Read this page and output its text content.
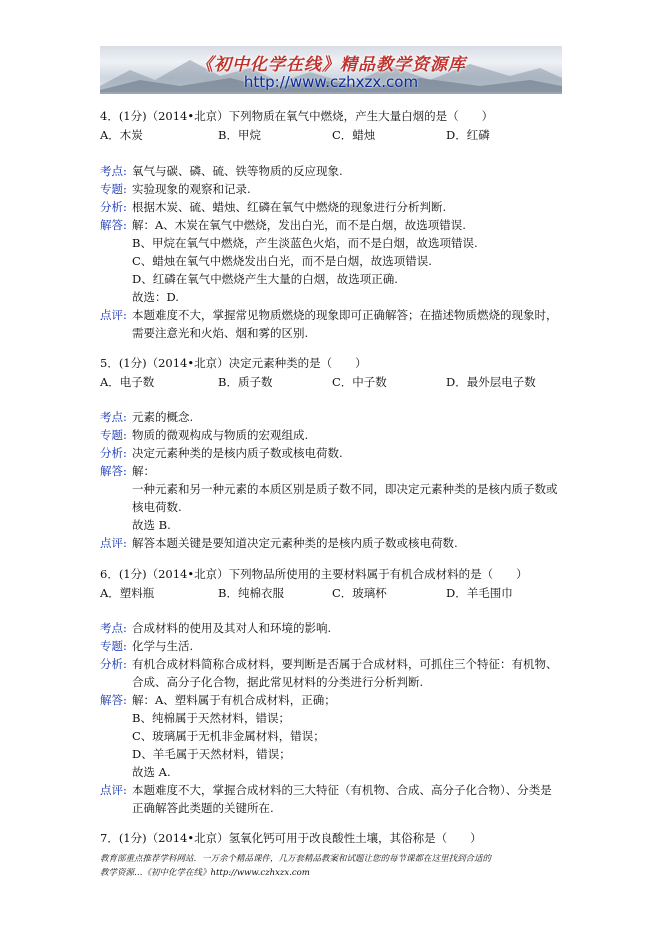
《初中化学在线》精品教学资源库
http://www.czhxzx.com
4．(1分)（2014•北京）下列物质在氧气中燃烧，产生大量白烟的是（　　）
A．木炭	B．甲烷	C．蜡烛	D．红磷
考点: 氧气与碳、磷、硫、铁等物质的反应现象.
专题: 实验现象的观察和记录.
分析: 根据木炭、硫、蜡烛、红磷在氧气中燃烧的现象进行分析判断.
解答: 解：A、木炭在氧气中燃烧，发出白光，而不是白烟，故选项错误.
B、甲烷在氧气中燃烧，产生淡蓝色火焰，而不是白烟，故选项错误.
C、蜡烛在氧气中燃烧发出白光，而不是白烟，故选项错误.
D、红磷在氧气中燃烧产生大量的白烟，故选项正确.
故选：D.
点评: 本题难度不大，掌握常见物质燃烧的现象即可正确解答；在描述物质燃烧的现象时，
需要注意光和火焰、烟和雾的区别.
5．(1分)（2014•北京）决定元素种类的是（　　）
A．电子数	B．质子数	C．中子数	D．最外层电子数
考点: 元素的概念.
专题: 物质的微观构成与物质的宏观组成.
分析: 决定元素种类的是核内质子数或核电荷数.
解答: 解：
一种元素和另一种元素的本质区别是质子数不同，即决定元素种类的是核内质子数或
核电荷数.
故选 B.
点评: 解答本题关键是要知道决定元素种类的是核内质子数或核电荷数.
6．(1分)（2014•北京）下列物品所使用的主要材料属于有机合成材料的是（　　）
A．塑料瓶	B．纯棉衣服	C．玻璃杯	D．羊毛围巾
考点: 合成材料的使用及其对人和环境的影响.
专题: 化学与生活.
分析: 有机合成材料简称合成材料，要判断是否属于合成材料，可抓住三个特征：有机物、
合成、高分子化合物，据此常见材料的分类进行分析判断.
解答: 解：A、塑料属于有机合成材料，正确；
B、纯棉属于天然材料，错误；
C、玻璃属于无机非金属材料，错误；
D、羊毛属于天然材料，错误；
故选 A.
点评: 本题难度不大，掌握合成材料的三大特征（有机物、合成、高分子化合物）、分类是
正确解答此类题的关键所在.
7．(1分)（2014•北京）氢氧化钙可用于改良酸性土壤，其俗称是（　　）
教育部重点推荐学科网站．一万余个精品课件，几万套精品教案和试题让您的每节课都在这里找到合适的
教学资源…《初中化学在线》http://www.czhxzx.com
